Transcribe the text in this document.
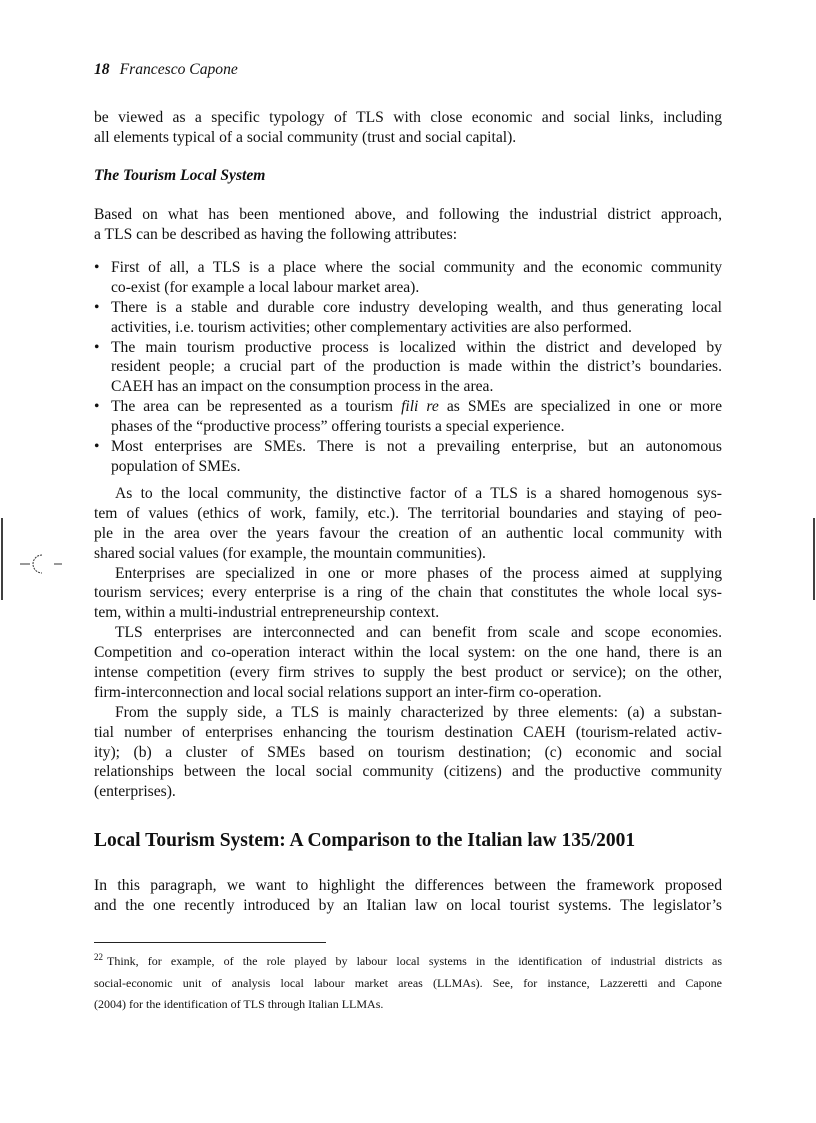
18 Francesco Capone
be viewed as a specific typology of TLS with close economic and social links, including
all elements typical of a social community (trust and social capital).
The Tourism Local System
Based on what has been mentioned above, and following the industrial district approach,
a TLS can be described as having the following attributes:
• First of all, a TLS is a place where the social community and the economic community
co-exist (for example a local labour market area).
• There is a stable and durable core industry developing wealth, and thus generating local
activities, i.e. tourism activities; other complementary activities are also performed.
• The main tourism productive process is localized within the district and developed by
resident people; a crucial part of the production is made within the district’s boundaries.
CAEH has an impact on the consumption process in the area.
• The area can be represented as a tourism fili re as SMEs are specialized in one or more
phases of the “productive process” offering tourists a special experience.
• Most enterprises are SMEs. There is not a prevailing enterprise, but an autonomous
population of SMEs.
As to the local community, the distinctive factor of a TLS is a shared homogenous sys-
tem of values (ethics of work, family, etc.). The territorial boundaries and staying of peo-
ple in the area over the years favour the creation of an authentic local community with
shared social values (for example, the mountain communities).
Enterprises are specialized in one or more phases of the process aimed at supplying
tourism services; every enterprise is a ring of the chain that constitutes the whole local sys-
tem, within a multi-industrial entrepreneurship context.
TLS enterprises are interconnected and can benefit from scale and scope economies.
Competition and co-operation interact within the local system: on the one hand, there is an
intense competition (every firm strives to supply the best product or service); on the other,
firm-interconnection and local social relations support an inter-firm co-operation.
From the supply side, a TLS is mainly characterized by three elements: (a) a substan-
tial number of enterprises enhancing the tourism destination CAEH (tourism-related activ-
ity); (b) a cluster of SMEs based on tourism destination; (c) economic and social
relationships between the local social community (citizens) and the productive community
(enterprises).
Local Tourism System: A Comparison to the Italian law 135/2001
In this paragraph, we want to highlight the differences between the framework proposed
and the one recently introduced by an Italian law on local tourist systems. The legislator’s
$^{22}$ Think, for example, of the role played by labour local systems in the identification of industrial districts as
social-economic unit of analysis local labour market areas (LLMAs). See, for instance, Lazzeretti and Capone
(2004) for the identification of TLS through Italian LLMAs.
